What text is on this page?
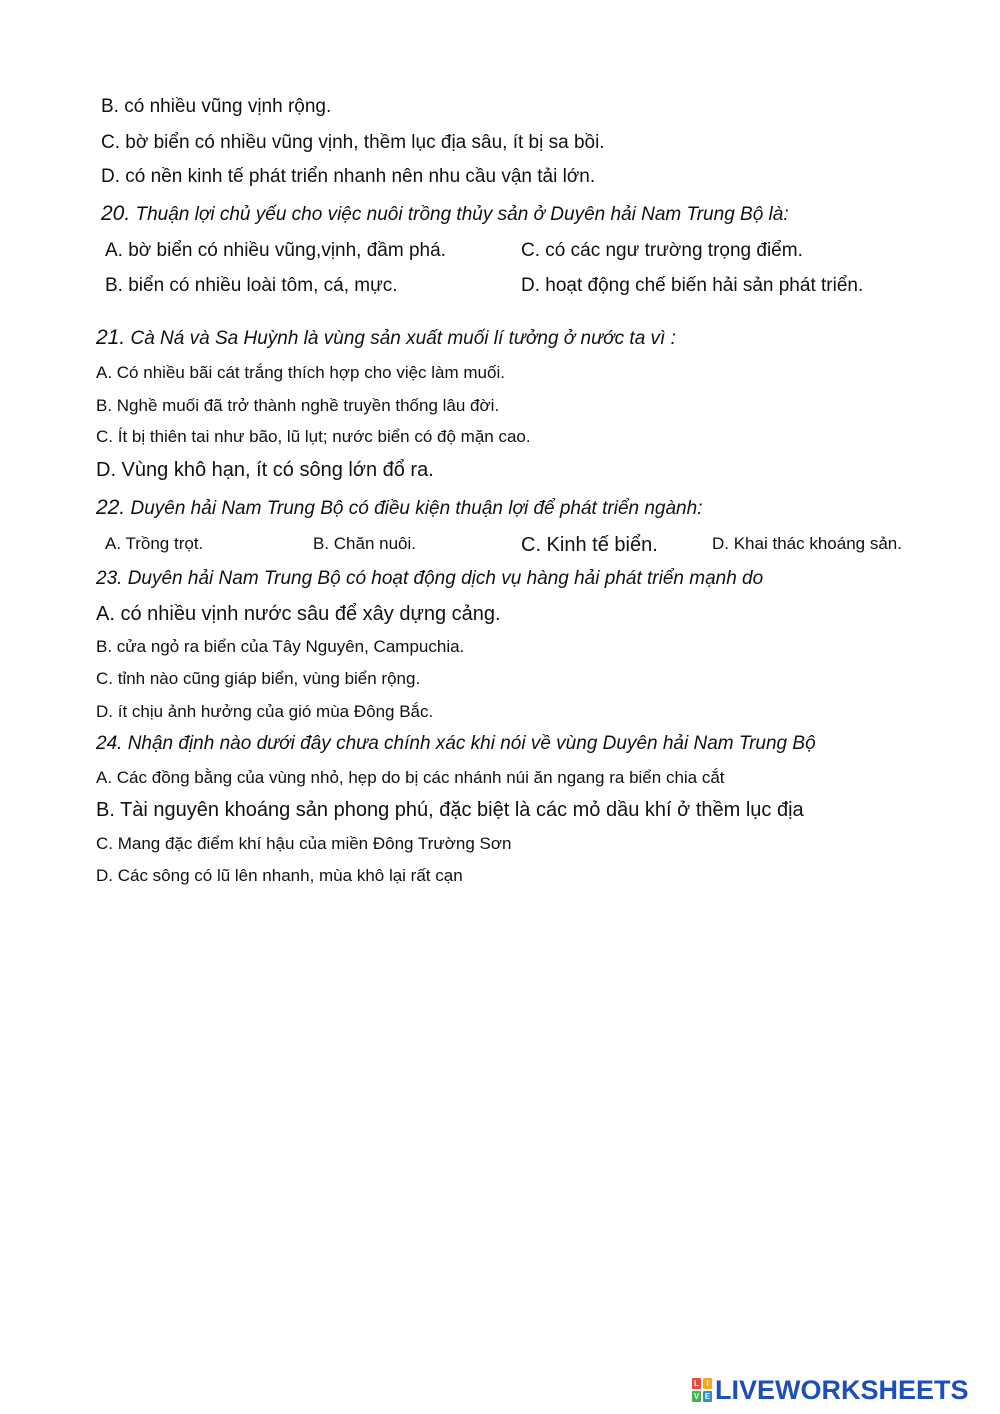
B. có nhiều vũng vịnh rộng.
C. bờ biển có nhiều vũng vịnh, thềm lục địa sâu, ít bị sa bồi.
D. có nền kinh tế phát triển nhanh nên nhu cầu vận tải lớn.
20. Thuận lợi chủ yếu cho việc nuôi trồng thủy sản ở Duyên hải Nam Trung Bộ là:
A. bờ biển có nhiều vũng,vịnh, đầm phá.	C. có các ngư trường trọng điểm.
B. biển có nhiều loài tôm, cá, mực.	D. hoạt động chế biến hải sản phát triển.
21. Cà Ná và Sa Huỳnh là vùng sản xuất muối lí tưởng ở nước ta vì :
A. Có nhiều bãi cát trắng thích hợp cho việc làm muối.
B. Nghề muối đã trở thành nghề truyền thống lâu đời.
C. Ít bị thiên tai như bão, lũ lụt; nước biển có độ mặn cao.
D. Vùng khô hạn, ít có sông lớn đổ ra.
22. Duyên hải Nam Trung Bộ có điều kiện thuận lợi để phát triển ngành:
A. Trồng trọt.	B. Chăn nuôi.	C. Kinh tế biển.	D. Khai thác khoáng sản.
23. Duyên hải Nam Trung Bộ có hoạt động dịch vụ hàng hải phát triển mạnh do
A. có nhiều vịnh nước sâu để xây dựng cảng.
B. cửa ngỏ ra biển của Tây Nguyên, Campuchia.
C. tỉnh nào cũng giáp biển, vùng biển rộng.
D. ít chịu ảnh hưởng của gió mùa Đông Bắc.
24. Nhận định nào dưới đây chưa chính xác khi nói về vùng Duyên hải Nam Trung Bộ
A. Các đồng bằng của vùng nhỏ, hẹp do bị các nhánh núi ăn ngang ra biển chia cắt
B. Tài nguyên khoáng sản phong phú, đặc biệt là các mỏ dầu khí ở thềm lục địa
C. Mang đặc điểm khí hậu của miền Đông Trường Sơn
D. Các sông có lũ lên nhanh, mùa khô lại rất cạn
L I
V E LIVEWORKSHEETS
